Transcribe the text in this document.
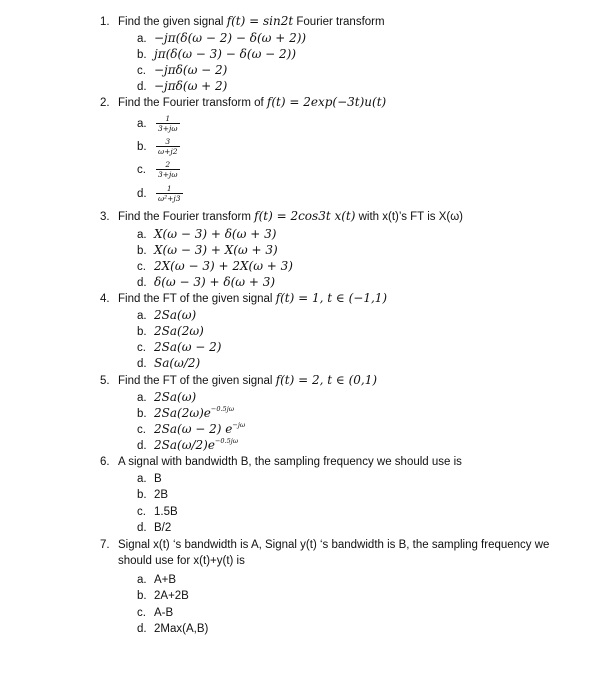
1. Find the given signal f(t) = sin2t Fourier transform
a. −jπ(δ(ω − 2) − δ(ω + 2))
b. jπ(δ(ω − 3) − δ(ω − 2))
c. −jπδ(ω − 2)
d. −jπδ(ω + 2)
2. Find the Fourier transform of f(t) = 2exp(−3t)u(t)
a. $\frac{1}{3+j\omega}$
b. $\frac{3}{\omega+j2}$
c. $\frac{2}{3+j\omega}$
d. $\frac{1}{\text{ω²+j3}}$
3. Find the Fourier transform f(t) = 2cos3t x(t) with x(t)’s FT is X(ω)
a. X(ω − 3) + δ(ω + 3)
b. X(ω − 3) + X(ω + 3)
c. 2X(ω − 3) + 2X(ω + 3)
d. δ(ω − 3) + δ(ω + 3)
4. Find the FT of the given signal f(t) = 1, t ∈ (−1,1)
a. 2Sa(ω)
b. 2Sa(2ω)
c. 2Sa(ω − 2)
d. Sa(ω/2)
5. Find the FT of the given signal f(t) = 2, t ∈ (0,1)
a. 2Sa(ω)
b. $2Sa(2\omega)e^{-0.5j\omega}$
c. 2Sa(ω − 2) $e^{-j\omega}$
d. $2Sa(\omega/2)e^{-0.5j\omega}$
6. A signal with bandwidth B, the sampling frequency we should use is
a. B
b. 2B
c. 1.5B
d. B/2
7. Signal x(t) ‘s bandwidth is A, Signal y(t) ‘s bandwidth is B, the sampling frequency we should use for x(t)+y(t) is
a. A+B
b. 2A+2B
c. A-B
d. 2Max(A,B)
